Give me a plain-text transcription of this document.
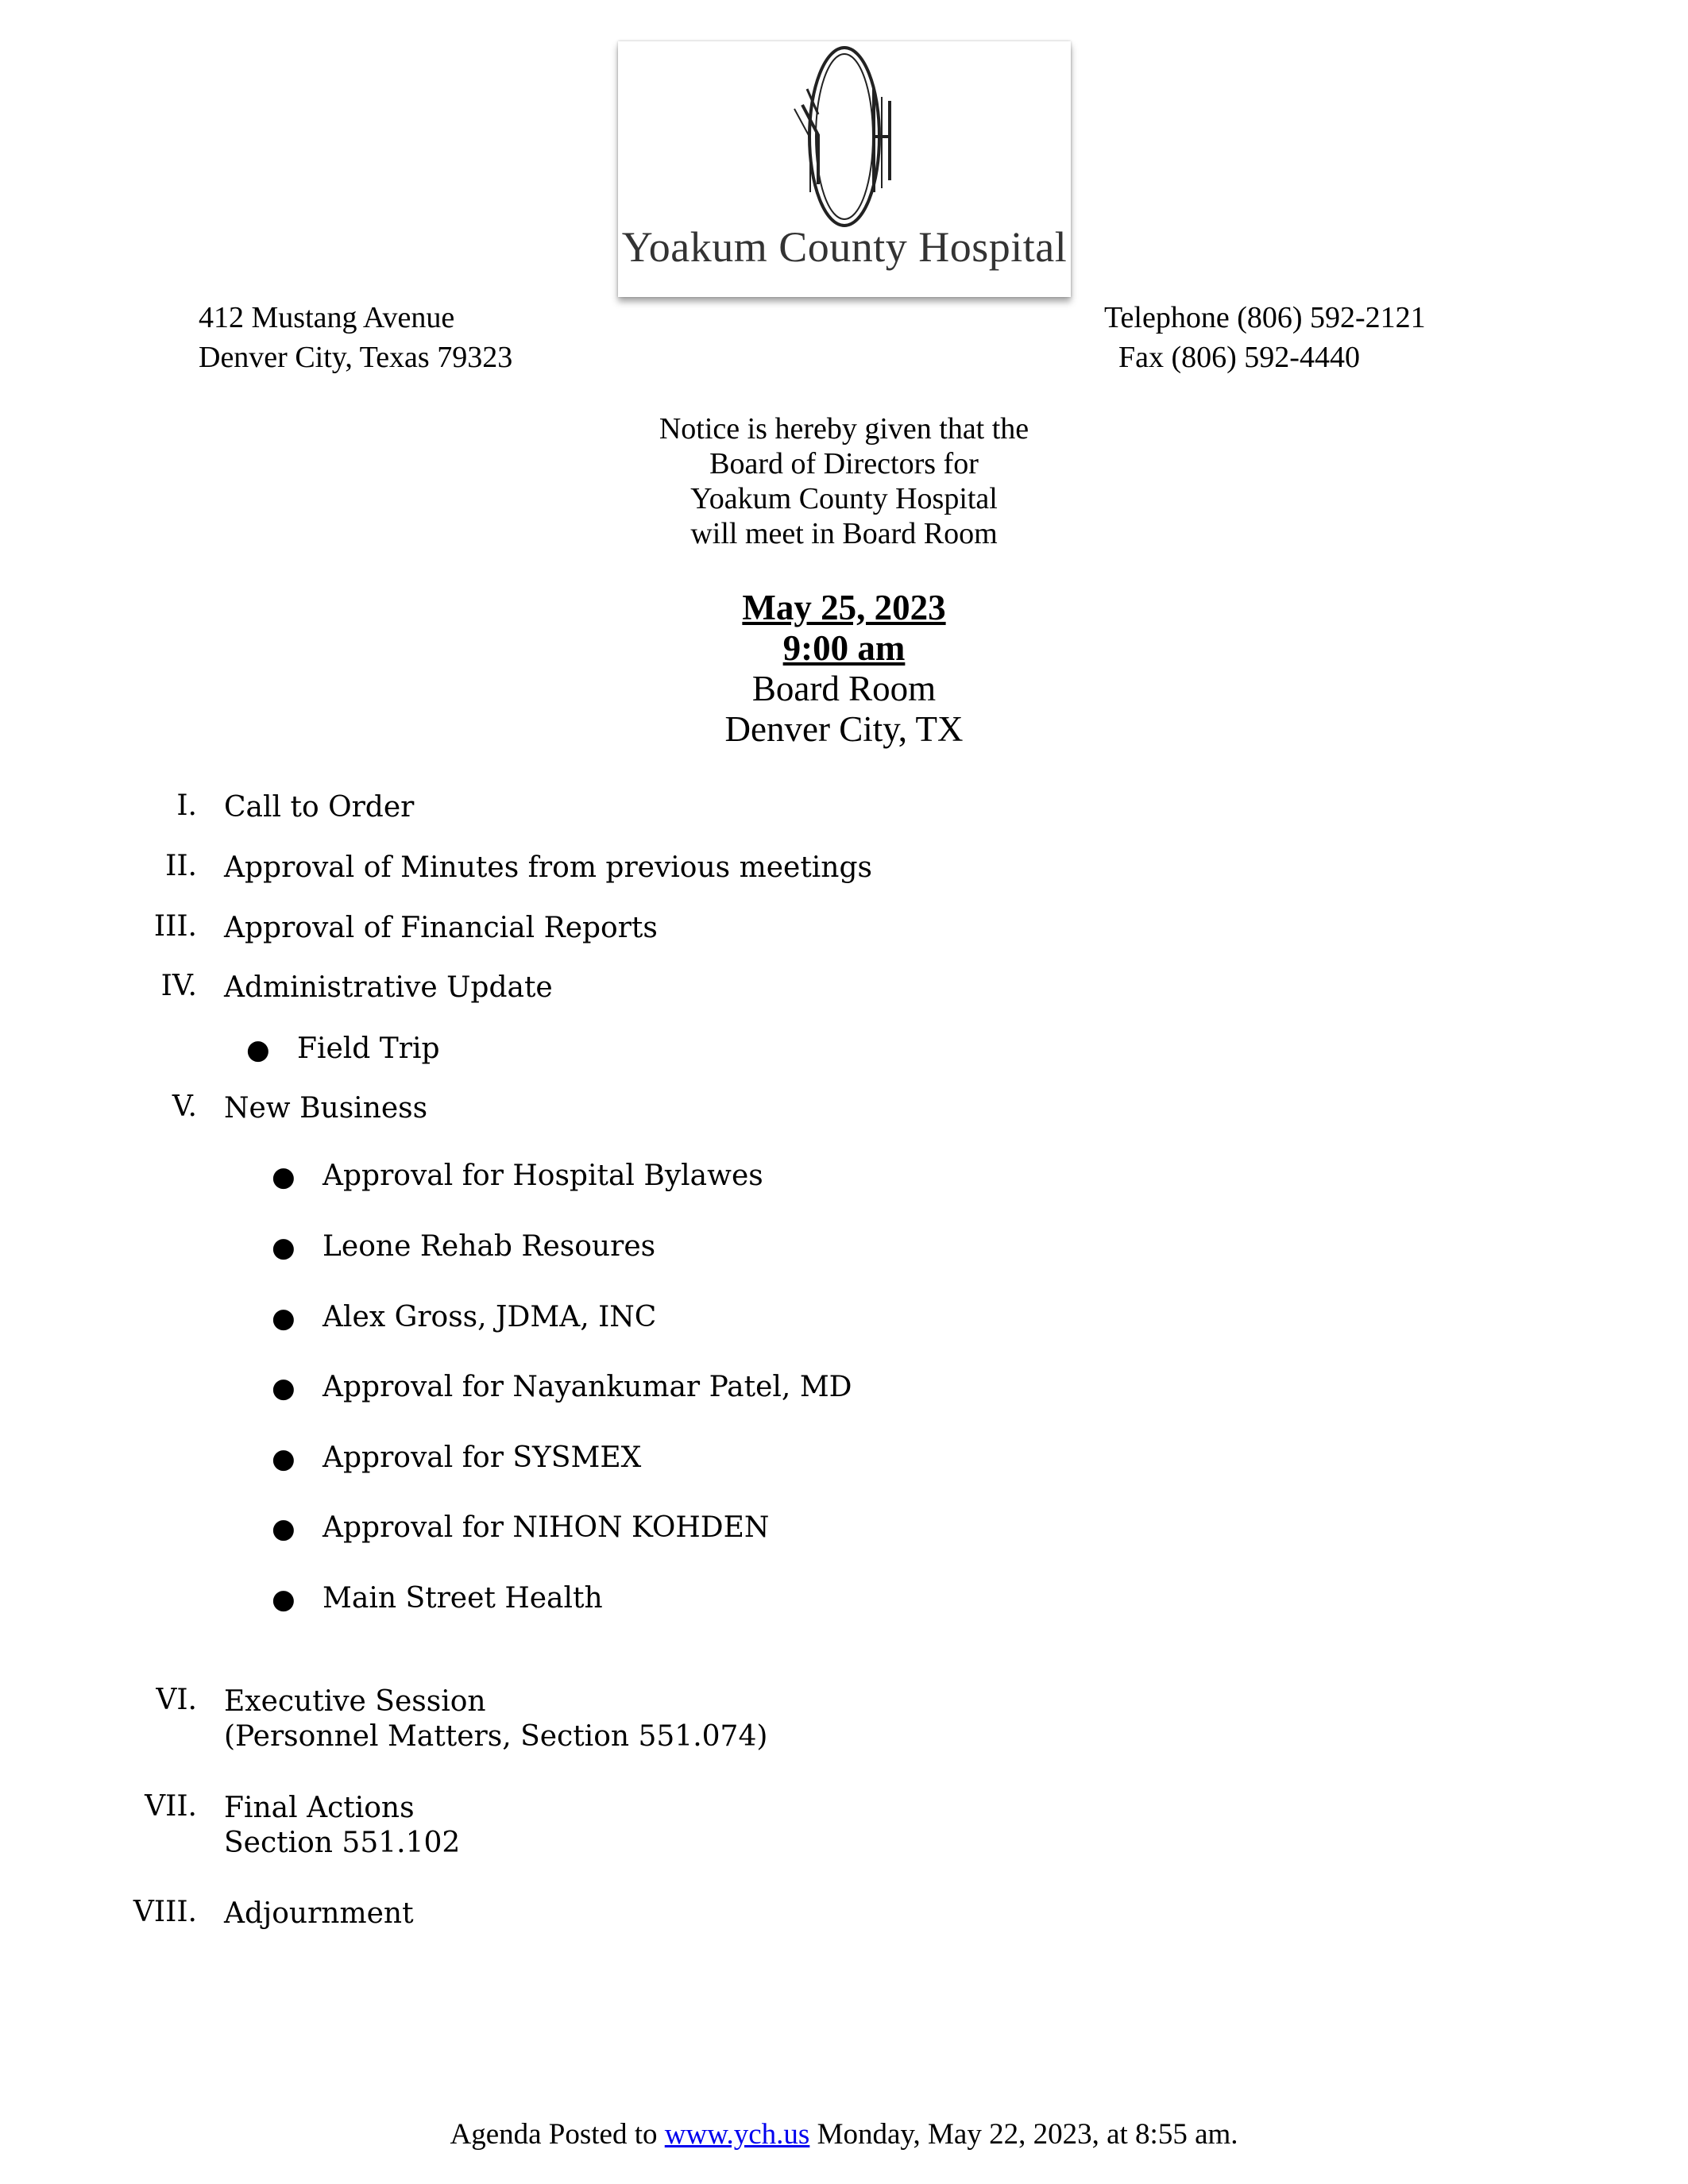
Yoakum County Hospital
412 Mustang Avenue
Denver City, Texas 79323
Telephone (806) 592-2121
Fax (806) 592-4440
Notice is hereby given that the
Board of Directors for
Yoakum County Hospital
will meet in Board Room
May 25, 2023
9:00 am
Board Room
Denver City, TX
I. Call to Order
II. Approval of Minutes from previous meetings
III. Approval of Financial Reports
IV. Administrative Update
● Field Trip
V. New Business
● Approval for Hospital Bylawes
● Leone Rehab Resoures
● Alex Gross, JDMA, INC
● Approval for Nayankumar Patel, MD
● Approval for SYSMEX
● Approval for NIHON KOHDEN
● Main Street Health
VI. Executive Session
(Personnel Matters, Section 551.074)
VII. Final Actions
Section 551.102
VIII. Adjournment
Agenda Posted to www.ych.us Monday, May 22, 2023, at 8:55 am.
